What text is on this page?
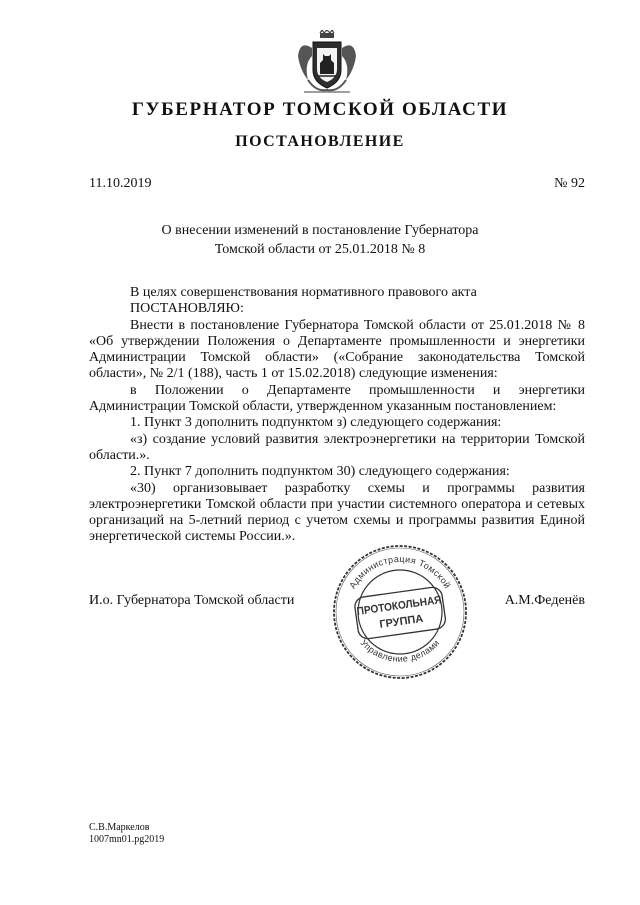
ГУБЕРНАТОР ТОМСКОЙ ОБЛАСТИ
ПОСТАНОВЛЕНИЕ
11.10.2019	№ 92
О внесении изменений в постановление Губернатора
Томской области от 25.01.2018 № 8

В целях совершенствования нормативного правового акта

ПОСТАНОВЛЯЮ:

Внести в постановление Губернатора Томской области от 25.01.2018 № 8 «Об утверждении Положения о Департаменте промышленности и энергетики Администрации Томской области» («Собрание законодательства Томской области», № 2/1 (188), часть 1 от 15.02.2018) следующие изменения:

в Положении о Департаменте промышленности и энергетики Администрации Томской области, утвержденном указанным постановлением:

1. Пункт 3 дополнить подпунктом з) следующего содержания:

«з) создание условий развития электроэнергетики на территории Томской области.».

2. Пункт 7 дополнить подпунктом 30) следующего содержания:

«30) организовывает разработку схемы и программы развития электроэнергетики Томской области при участии системного оператора и сетевых организаций на 5-летний период с учетом схемы и программы развития Единой энергетической системы России.».

И.о. Губернатора Томской области	А.М.Феденёв
Администрация Томской
Управление делами
ПРОТОКОЛЬНАЯ
ГРУППА
С.В.Маркелов
1007mn01.pg2019
